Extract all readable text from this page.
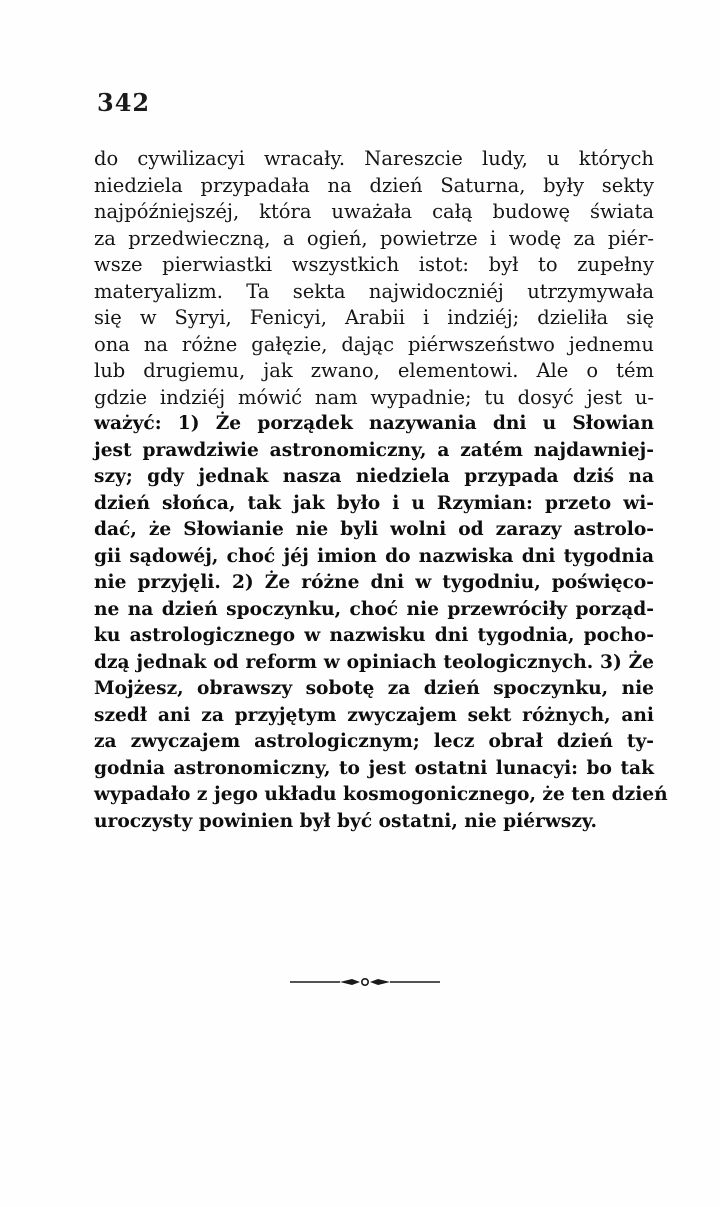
342
do cywilizacyi wracały. Nareszcie ludy, u których
niedziela przypadała na dzień Saturna, były sekty
najpóźniejszéj, która uważała całą budowę świata
za przedwieczną, a ogień, powietrze i wodę za piér-
wsze pierwiastki wszystkich istot: był to zupełny
materyalizm. Ta sekta najwidoczniéj utrzymywała
się w Syryi, Fenicyi, Arabii i indziéj; dzieliła się
ona na różne gałęzie, dając piérwszeństwo jednemu
lub drugiemu, jak zwano, elementowi. Ale o tém
gdzie indziéj mówić nam wypadnie; tu dosyć jest u-
ważyć: 1) Że porządek nazywania dni u Słowian
jest prawdziwie astronomiczny, a zatém najdawniej-
szy; gdy jednak nasza niedziela przypada dziś na
dzień słońca, tak jak było i u Rzymian: przeto wi-
dać, że Słowianie nie byli wolni od zarazy astrolo-
gii sądowéj, choć jéj imion do nazwiska dni tygodnia
nie przyjęli. 2) Że różne dni w tygodniu, poświęco-
ne na dzień spoczynku, choć nie przewróciły porząd-
ku astrologicznego w nazwisku dni tygodnia, pocho-
dzą jednak od reform w opiniach teologicznych. 3) Że
Mojżesz, obrawszy sobotę za dzień spoczynku, nie
szedł ani za przyjętym zwyczajem sekt różnych, ani
za zwyczajem astrologicznym; lecz obrał dzień ty-
godnia astronomiczny, to jest ostatni lunacyi: bo tak
wypadało z jego układu kosmogonicznego, że ten dzień
uroczysty powinien był być ostatni, nie piérwszy.
